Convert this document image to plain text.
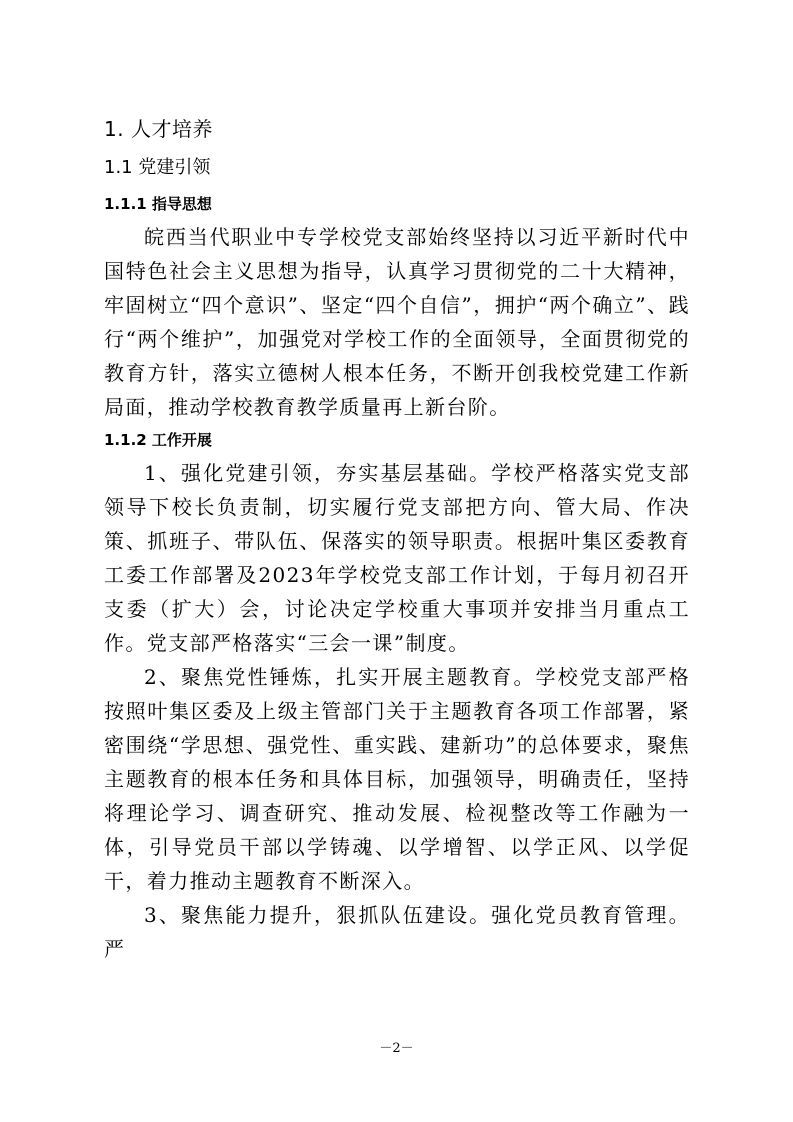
1. 人才培养
1.1 党建引领
1.1.1 指导思想

皖西当代职业中专学校党支部始终坚持以习近平新时代中国特色社会主义思想为指导，认真学习贯彻党的二十大精神，牢固树立“四个意识”、坚定“四个自信”，拥护“两个确立”、践行“两个维护”，加强党对学校工作的全面领导，全面贯彻党的教育方针，落实立德树人根本任务，不断开创我校党建工作新局面，推动学校教育教学质量再上新台阶。

1.1.2 工作开展

1、强化党建引领，夯实基层基础。学校严格落实党支部领导下校长负责制，切实履行党支部把方向、管大局、作决策、抓班子、带队伍、保落实的领导职责。根据叶集区委教育工委工作部署及2023年学校党支部工作计划，于每月初召开支委（扩大）会，讨论决定学校重大事项并安排当月重点工作。党支部严格落实“三会一课”制度。

2、聚焦党性锤炼，扎实开展主题教育。学校党支部严格按照叶集区委及上级主管部门关于主题教育各项工作部署，紧密围绕“学思想、强党性、重实践、建新功”的总体要求，聚焦主题教育的根本任务和具体目标，加强领导，明确责任，坚持将理论学习、调查研究、推动发展、检视整改等工作融为一体，引导党员干部以学铸魂、以学增智、以学正风、以学促干，着力推动主题教育不断深入。

3、聚焦能力提升，狠抓队伍建设。强化党员教育管理。严

－2－
